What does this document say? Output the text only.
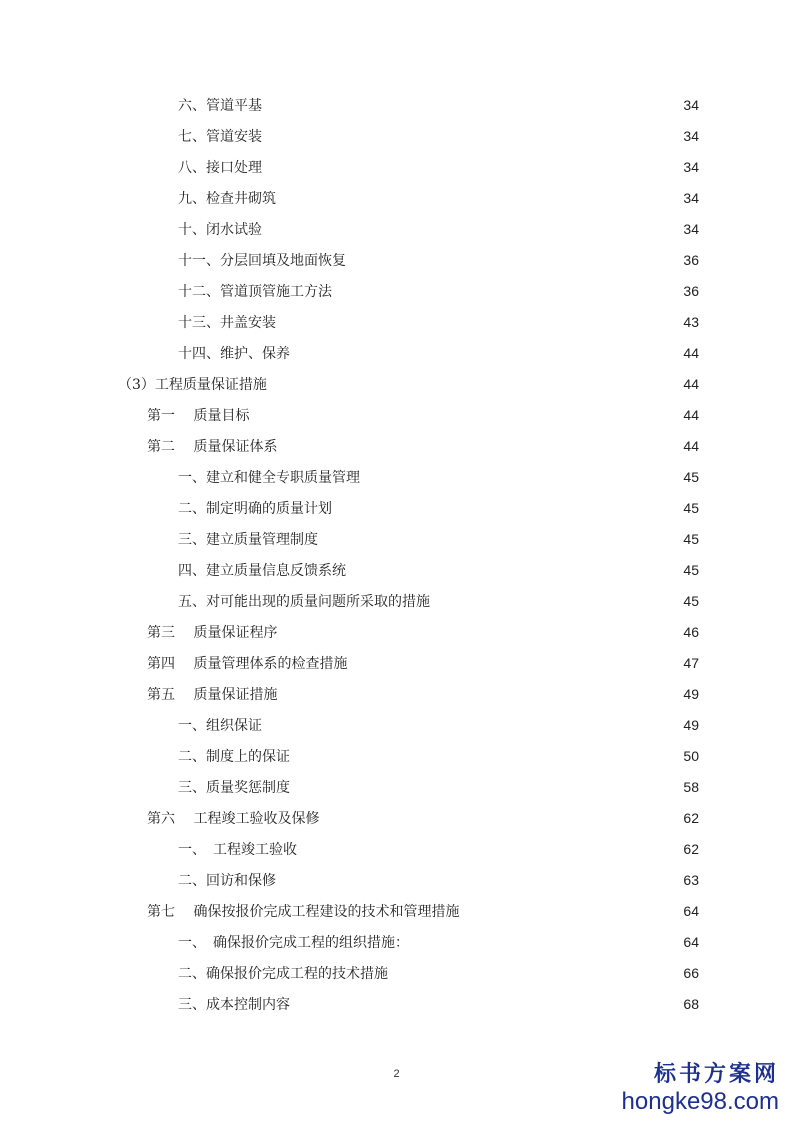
六、管道平基	34
七、管道安装	34
八、接口处理	34
九、检查井砌筑	34
十、闭水试验	34
十一、分层回填及地面恢复	36
十二、管道顶管施工方法	36
十三、井盖安装	43
十四、维护、保养	44
（3）工程质量保证措施	44
第一　 质量目标	44
第二　 质量保证体系	44
一、建立和健全专职质量管理	45
二、制定明确的质量计划	45
三、建立质量管理制度	45
四、建立质量信息反馈系统	45
五、对可能出现的质量问题所采取的措施	45
第三　 质量保证程序	46
第四　 质量管理体系的检查措施	47
第五　 质量保证措施	49
一、组织保证	49
二、制度上的保证	50
三、质量奖惩制度	58
第六　 工程竣工验收及保修	62
一、　工程竣工验收	62
二、回访和保修	63
第七　 确保按报价完成工程建设的技术和管理措施	64
一、　确保报价完成工程的组织措施：	64
二、确保报价完成工程的技术措施	66
三、成本控制内容	68
2	标书方案网
hongke98.com
